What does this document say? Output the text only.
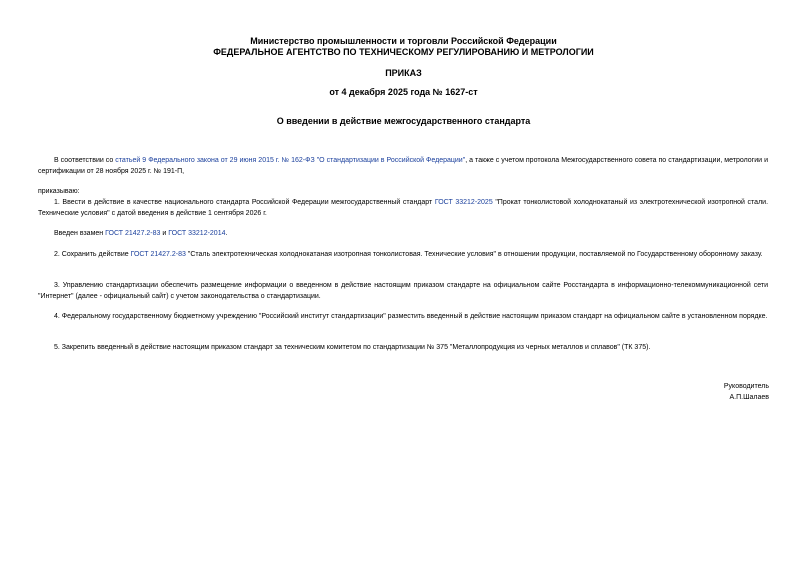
Министерство промышленности и торговли Российской Федерации
ФЕДЕРАЛЬНОЕ АГЕНТСТВО ПО ТЕХНИЧЕСКОМУ РЕГУЛИРОВАНИЮ И МЕТРОЛОГИИ
ПРИКАЗ
от 4 декабря 2025 года № 1627-ст
О введении в действие межгосударственного стандарта
В соответствии со статьей 9 Федерального закона от 29 июня 2015 г. № 162-ФЗ "О стандартизации в Российской Федерации", а также с учетом протокола Межгосударственного совета по стандартизации, метрологии и сертификации от 28 ноября 2025 г. № 191-П,
приказываю:
1. Ввести в действие в качестве национального стандарта Российской Федерации межгосударственный стандарт ГОСТ 33212-2025 "Прокат тонколистовой холоднокатаный из электротехнической изотропной стали. Технические условия" с датой введения в действие 1 сентября 2026 г.
Введен взамен ГОСТ 21427.2-83 и ГОСТ 33212-2014.
2. Сохранить действие ГОСТ 21427.2-83 "Сталь электротехническая холоднокатаная изотропная тонколистовая. Технические условия" в отношении продукции, поставляемой по Государственному оборонному заказу.
3. Управлению стандартизации обеспечить размещение информации о введенном в действие настоящим приказом стандарте на официальном сайте Росстандарта в информационно-телекоммуникационной сети "Интернет" (далее - официальный сайт) с учетом законодательства о стандартизации.
4. Федеральному государственному бюджетному учреждению "Российский институт стандартизации" разместить введенный в действие настоящим приказом стандарт на официальном сайте в установленном порядке.
5. Закрепить введенный в действие настоящим приказом стандарт за техническим комитетом по стандартизации № 375 "Металлопродукция из черных металлов и сплавов" (ТК 375).
Руководитель
А.П.Шалаев
